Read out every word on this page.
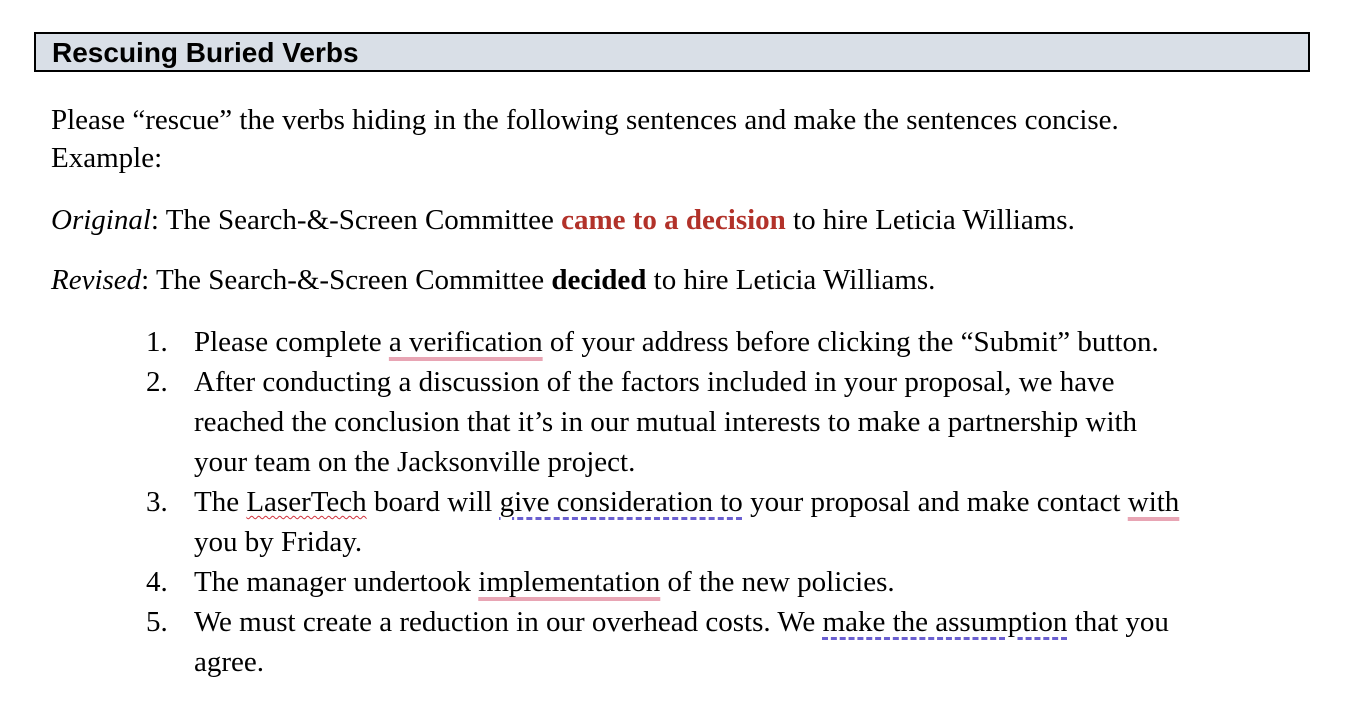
Rescuing Buried Verbs
Please “rescue” the verbs hiding in the following sentences and make the sentences concise.
Example:
Original: The Search-&-Screen Committee came to a decision to hire Leticia Williams.
Revised: The Search-&-Screen Committee decided to hire Leticia Williams.
1. Please complete a verification of your address before clicking the “Submit” button.
2. After conducting a discussion of the factors included in your proposal, we have
reached the conclusion that it’s in our mutual interests to make a partnership with
your team on the Jacksonville project.
3. The LaserTech board will give consideration to your proposal and make contact with
you by Friday.
4. The manager undertook implementation of the new policies.
5. We must create a reduction in our overhead costs. We make the assumption that you
agree.
